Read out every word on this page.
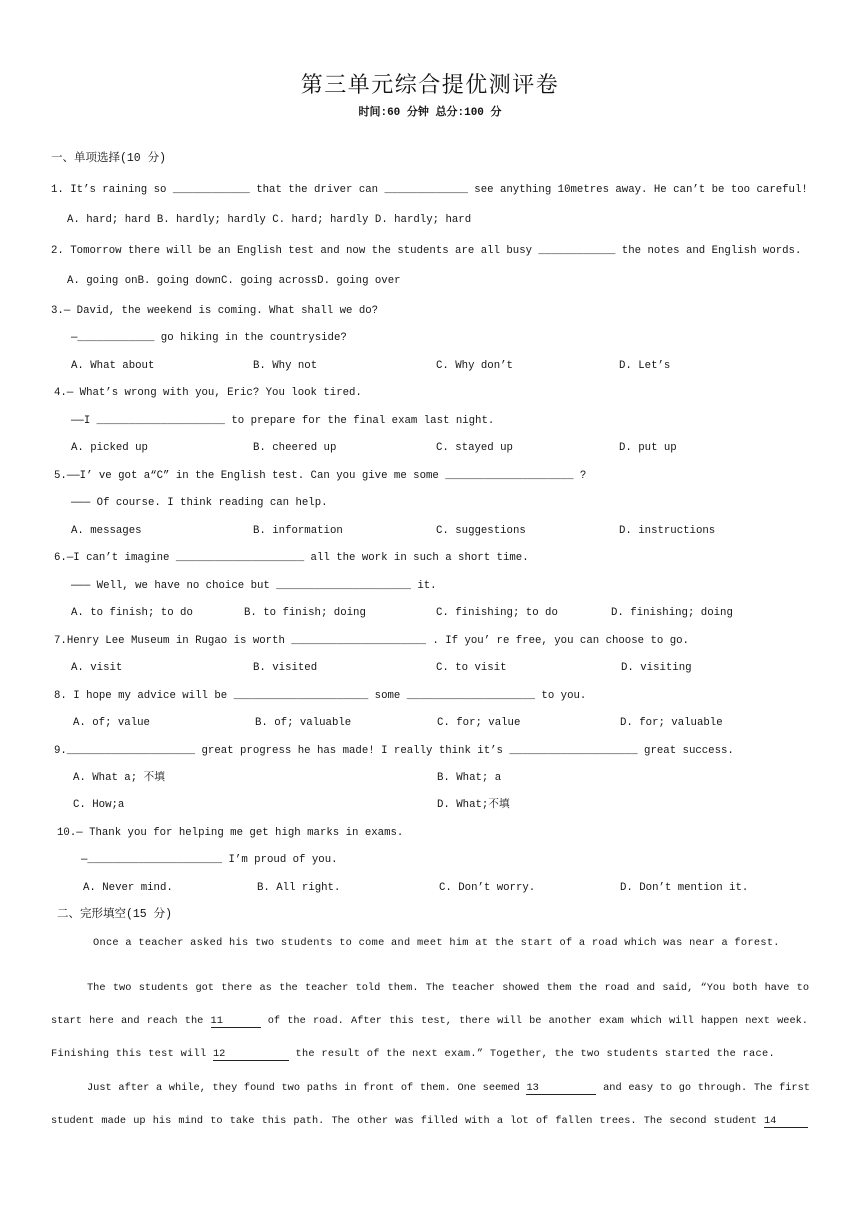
第三单元综合提优测评卷
时间:60 分钟 总分:100 分
一、单项选择(10 分)
1. It’s raining so ____________ that the driver can _____________ see anything 10metres away. He can’t be too careful!
A. hard; hard B. hardly; hardly C. hard; hardly D. hardly; hard
2. Tomorrow there will be an English test and now the students are all busy ____________ the notes and English words.
A. going onB. going downC. going acrossD. going over
3.— David, the weekend is coming. What shall we do?
—____________ go hiking in the countryside?
A. What about	B. Why not	C. Why don’t	D. Let’s
4.— What’s wrong with you, Eric? You look tired.
——I ____________________ to prepare for the final exam last night.
A. picked up	B. cheered up	C. stayed up	D. put up
5.——I’ ve got a“C” in the English test. Can you give me some ____________________ ?
——— Of course. I think reading can help.
A. messages	B. information	C. suggestions	D. instructions
6.—I can’t imagine ____________________ all the work in such a short time.
——— Well, we have no choice but _____________________ it.
A. to finish; to do	B. to finish; doing	C. finishing; to do	D. finishing; doing
7.Henry Lee Museum in Rugao is worth _____________________ . If you’ re free, you can choose to go.
A. visit	B. visited	C. to visit	D. visiting
8. I hope my advice will be _____________________ some ____________________ to you.
A. of; value	B. of; valuable	C. for; value	D. for; valuable
9.____________________ great progress he has made! I really think it’s ____________________ great success.
A. What a; 不填	B. What; a
C. How;a	D. What;不填
10.— Thank you for helping me get high marks in exams.
—_____________________ I’m proud of you.
A. Never mind.	B. All right.	C. Don’t worry.	D. Don’t mention it.
二、完形填空(15 分)
Once a teacher asked his two students to come and meet him at the start of a road which was near a forest.
The two students got there as the teacher told them. The teacher showed them the road and said, “You both have to
start here and reach the 11	of the road. After this test, there will be another exam which will happen next week.
Finishing this test will 12	the result of the next exam.” Together, the two students started the race.
Just after a while, they found two paths in front of them. One seemed 13	and easy to go through. The first
student made up his mind to take this path. The other was filled with a lot of fallen trees. The second student 14
